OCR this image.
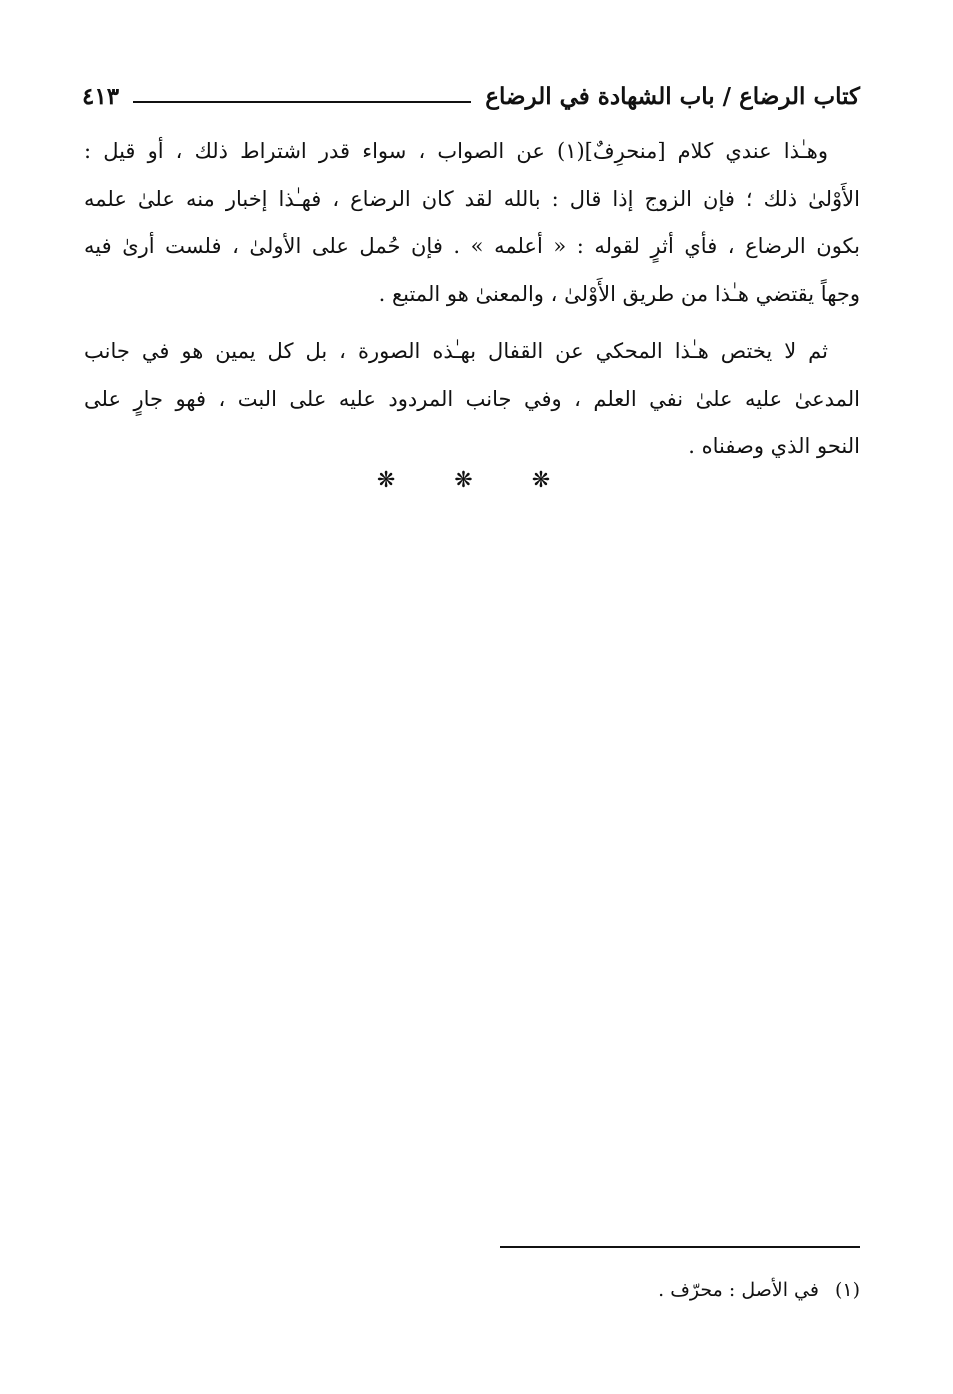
كتاب الرضاع / باب الشهادة في الرضاع
٤١٣

وهـٰذا عندي كلام [منحرِفٌ](١) عن الصواب ، سواء قدر اشتراط ذلك ، أو قيل :
الأَوْلىٰ ذلك ؛ فإن الزوج إذا قال : بالله لقد كان الرضاع ، فهـٰذا إخبار منه علىٰ علمه
بكون الرضاع ، فأي أثرٍ لقوله : « أعلمه » . فإن حُمل على الأولىٰ ، فلست أرىٰ فيه
وجهاً يقتضي هـٰذا من طريق الأَوْلىٰ ، والمعنىٰ هو المتبع .

ثم لا يختص هـٰذا المحكي عن القفال بهـٰذه الصورة ، بل كل يمين هو في جانب
المدعىٰ عليه علىٰ نفي العلم ، وفي جانب المردود عليه على البت ، فهو جارٍ على
النحو الذي وصفناه .

❋ ❋ ❋
(١)في الأصل : محرّف .
